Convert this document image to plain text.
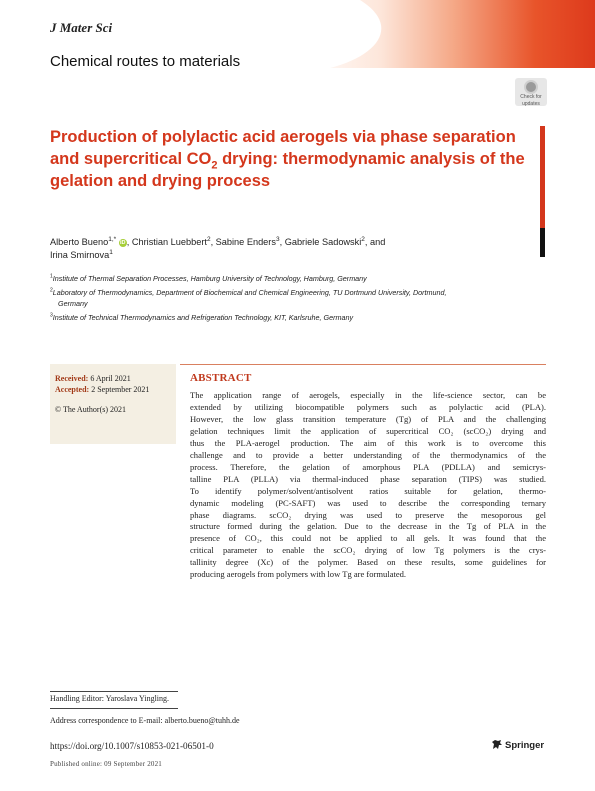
J Mater Sci
Chemical routes to materials
Check for
updates
Production of polylactic acid aerogels via phase separation and supercritical $CO_2$ drying: thermodynamic analysis of the gelation and drying process
Alberto Bueno$^{1,*}$ iD, Christian Luebbert$^2$, Sabine Enders$^3$, Gabriele Sadowski$^2$, and
Irina Smirnova$^1$
$^1$Institute of Thermal Separation Processes, Hamburg University of Technology, Hamburg, Germany
$^2$Laboratory of Thermodynamics, Department of Biochemical and Chemical Engineering, TU Dortmund University, Dortmund,
Germany
$^3$Institute of Technical Thermodynamics and Refrigeration Technology, KIT, Karlsruhe, Germany
Received: 6 April 2021
Accepted: 2 September 2021
© The Author(s) 2021
ABSTRACT
The application range of aerogels, especially in the life-science sector, can be
extended by utilizing biocompatible polymers such as polylactic acid (PLA).
However, the low glass transition temperature (Tg) of PLA and the challenging
gelation techniques limit the application of supercritical CO₂ (scCO₂) drying and
thus the PLA-aerogel production. The aim of this work is to overcome this
challenge and to provide a better understanding of the thermodynamics of the
process. Therefore, the gelation of amorphous PLA (PDLLA) and semicrys-
talline PLA (PLLA) via thermal-induced phase separation (TIPS) was studied.
To identify polymer/solvent/antisolvent ratios suitable for gelation, thermo-
dynamic modeling (PC-SAFT) was used to describe the corresponding ternary
phase diagrams. scCO₂ drying was used to preserve the mesoporous gel
structure formed during the gelation. Due to the decrease in the Tg of PLA in the
presence of CO₂, this could not be applied to all gels. It was found that the
critical parameter to enable the scCO₂ drying of low Tg polymers is the crys-
tallinity degree (Xc) of the polymer. Based on these results, some guidelines for
producing aerogels from polymers with low Tg are formulated.
Handling Editor: Yaroslava Yingling.
Address correspondence to E-mail: alberto.bueno@tuhh.de
https://doi.org/10.1007/s10853-021-06501-0	Springer
Published online: 09 September 2021
